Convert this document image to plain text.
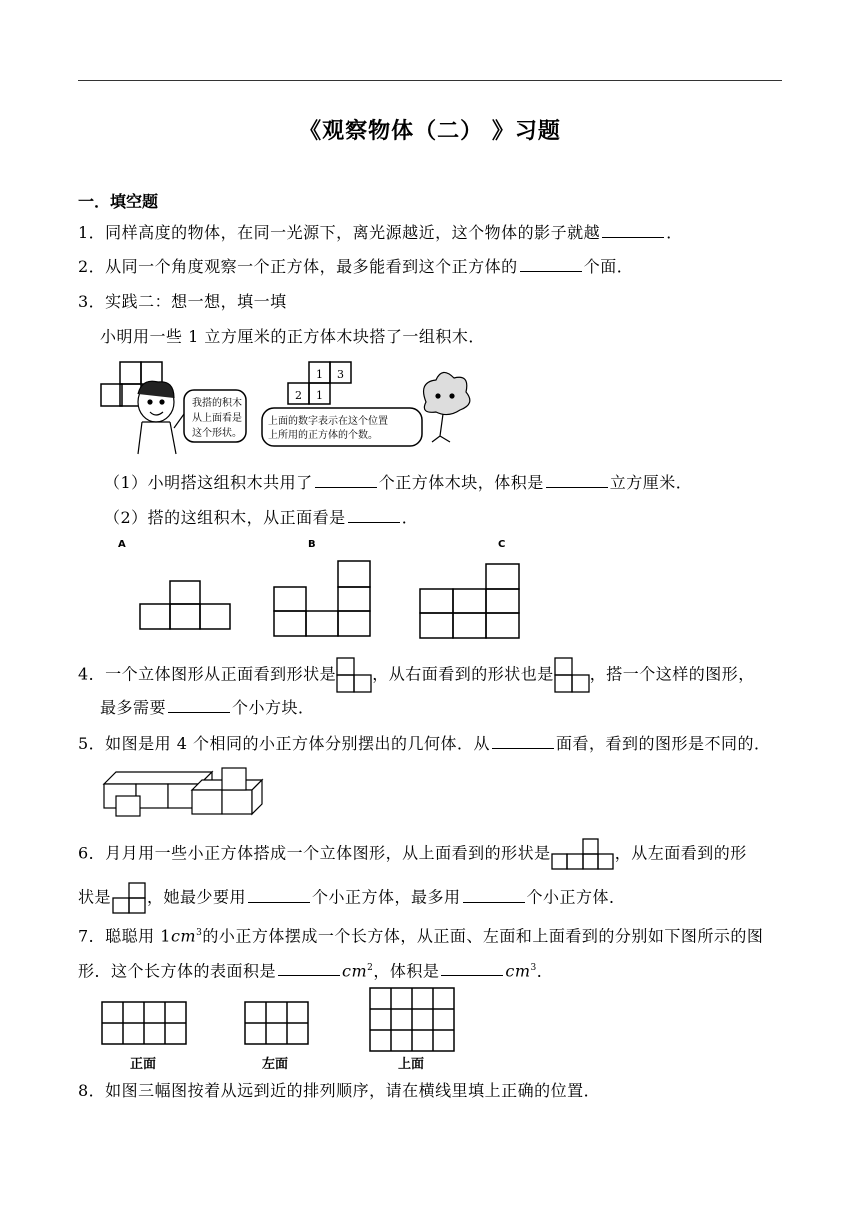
《观察物体（二） 》习题
一．填空题
1．同样高度的物体，在同一光源下，离光源越近，这个物体的影子就越	．
2．从同一个角度观察一个正方体，最多能看到这个正方体的	个面．
3．实践二：想一想，填一填
小明用一些 1 立方厘米的正方体木块搭了一组积木．
我搭的积木
从上面看是
这个形状。
1 3
2 1
上面的数字表示在这个位置
上所用的正方体的个数。
（1）小明搭这组积木共用了	个正方体木块，体积是	立方厘米．
（2）搭的这组积木，从正面看是	．
A	B	C
4．一个立体图形从正面看到形状是 ，从右面看到的形状也是 ，搭一个这样的图形，
最多需要	个小方块．
5．如图是用 4 个相同的小正方体分别摆出的几何体．从	面看，看到的图形是不同的．
6．月月用一些小正方体搭成一个立体图形，从上面看到的形状是	，从左面看到的形
状是 ，她最少要用	个小正方体，最多用	个小正方体．
7．聪聪用 $1cm^3$的小正方体摆成一个长方体，从正面、左面和上面看到的分别如下图所示的图
形．这个长方体的表面积是	$cm^2$，体积是	$cm^3$．
正面	左面	上面
8．如图三幅图按着从远到近的排列顺序，请在横线里填上正确的位置．
